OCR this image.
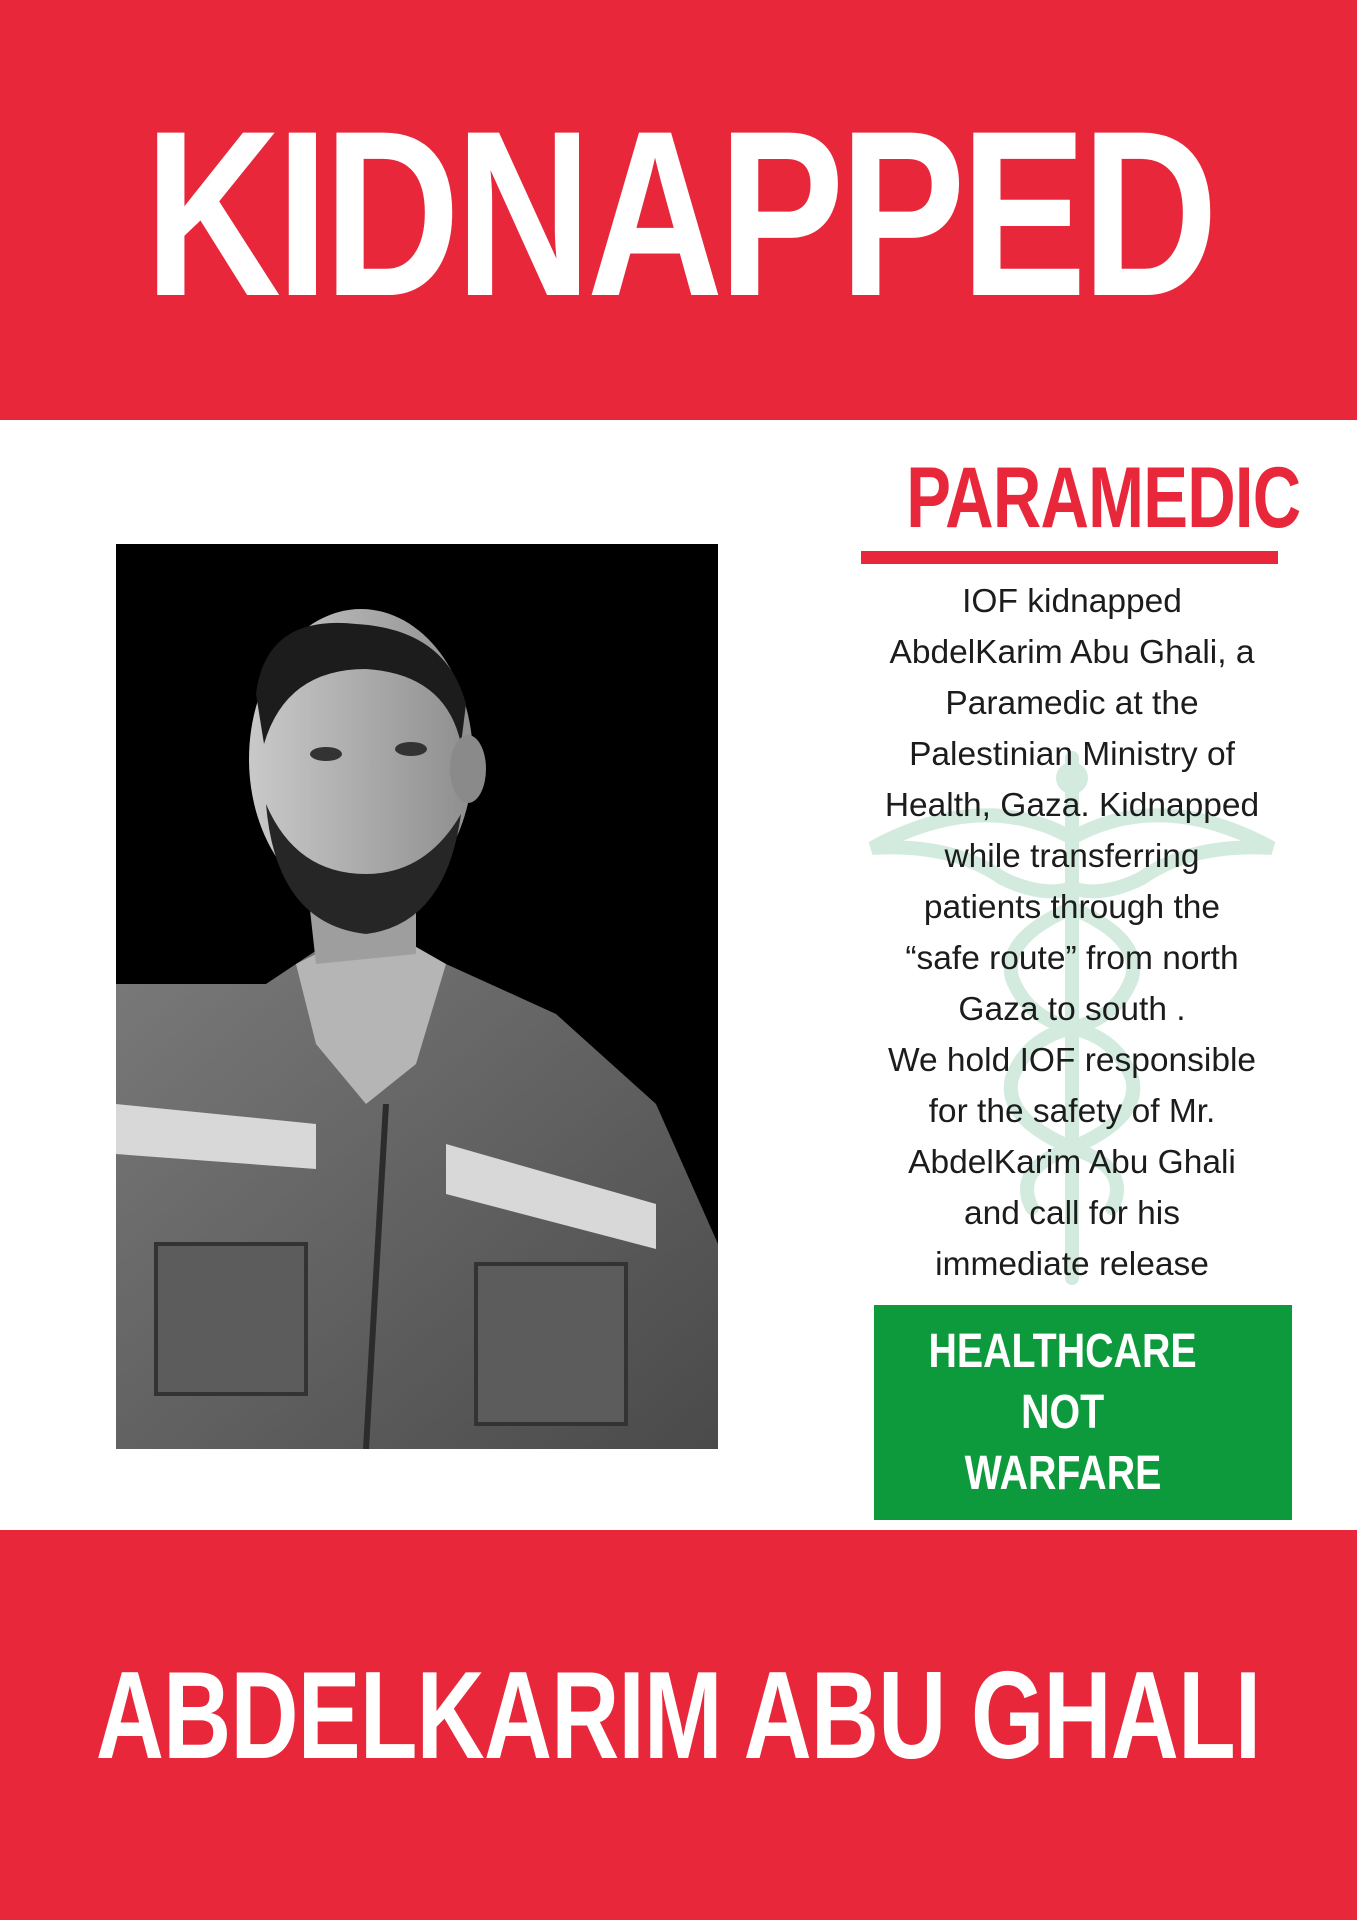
KIDNAPPED
PARAMEDIC

IOF kidnapped

AbdelKarim Abu Ghali, a

Paramedic at the

Palestinian Ministry of

Health, Gaza. Kidnapped

while transferring

patients through the

“safe route” from north

Gaza to south .

We hold IOF responsible

for the safety of Mr.

AbdelKarim Abu Ghali

and call for his

immediate release

HEALTHCARE
NOT
WARFARE
ABDELKARIM ABU GHALI
